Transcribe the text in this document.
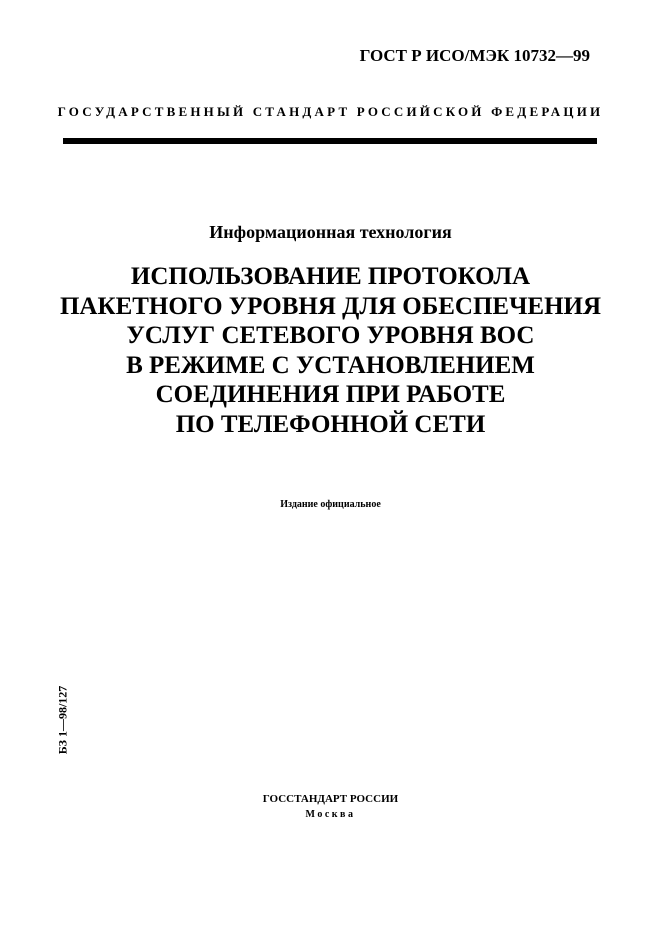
ГОСТ Р ИСО/МЭК 10732—99
ГОСУДАРСТВЕННЫЙ СТАНДАРТ РОССИЙСКОЙ ФЕДЕРАЦИИ
Информационная технология
ИСПОЛЬЗОВАНИЕ ПРОТОКОЛА
ПАКЕТНОГО УРОВНЯ ДЛЯ ОБЕСПЕЧЕНИЯ
УСЛУГ СЕТЕВОГО УРОВНЯ ВОС
В РЕЖИМЕ С УСТАНОВЛЕНИЕМ
СОЕДИНЕНИЯ ПРИ РАБОТЕ
ПО ТЕЛЕФОННОЙ СЕТИ
Издание официальное
БЗ 1—98/127
ГОССТАНДАРТ РОССИИ
Москва
